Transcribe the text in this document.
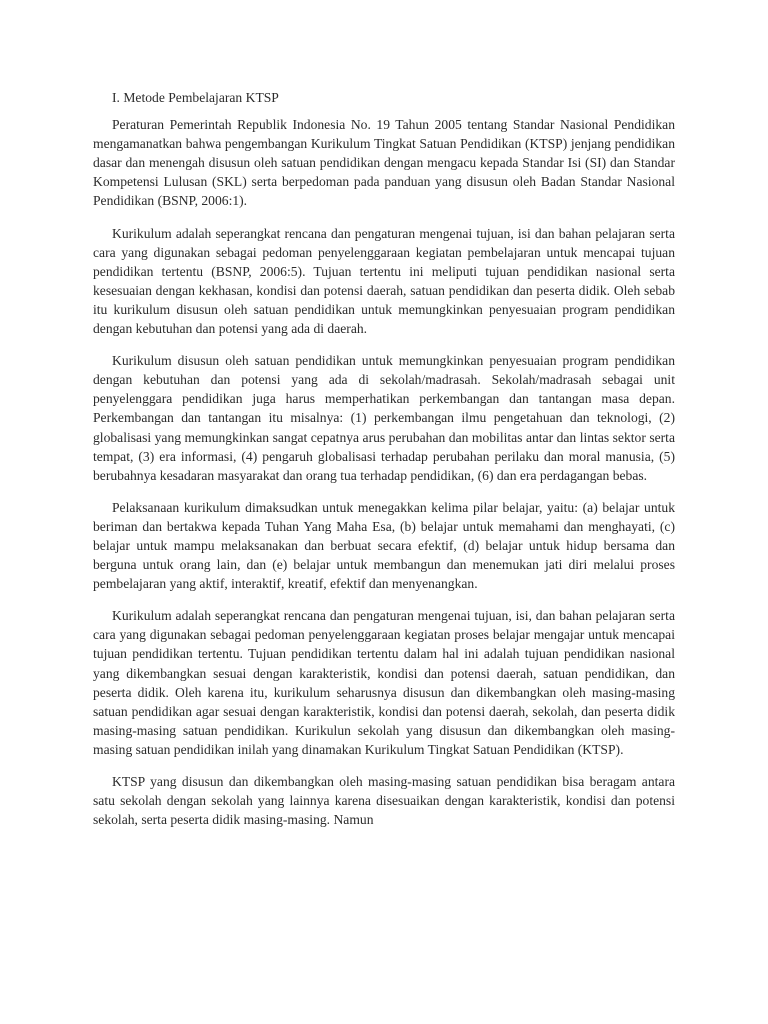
I. Metode Pembelajaran KTSP

Peraturan Pemerintah Republik Indonesia No. 19 Tahun 2005 tentang Standar Nasional Pendidikan mengamanatkan bahwa pengembangan Kurikulum Tingkat Satuan Pendidikan (KTSP) jenjang pendidikan dasar dan menengah disusun oleh satuan pendidikan dengan mengacu kepada Standar Isi (SI) dan Standar Kompetensi Lulusan (SKL) serta berpedoman pada panduan yang disusun oleh Badan Standar Nasional Pendidikan (BSNP, 2006:1).

Kurikulum adalah seperangkat rencana dan pengaturan mengenai tujuan, isi dan bahan pelajaran serta cara yang digunakan sebagai pedoman penyelenggaraan kegiatan pembelajaran untuk mencapai tujuan pendidikan tertentu (BSNP, 2006:5). Tujuan tertentu ini meliputi tujuan pendidikan nasional serta kesesuaian dengan kekhasan, kondisi dan potensi daerah, satuan pendidikan dan peserta didik. Oleh sebab itu kurikulum disusun oleh satuan pendidikan untuk memungkinkan penyesuaian program pendidikan dengan kebutuhan dan potensi yang ada di daerah.

Kurikulum disusun oleh satuan pendidikan untuk memungkinkan penyesuaian program pendidikan dengan kebutuhan dan potensi yang ada di sekolah/madrasah. Sekolah/madrasah sebagai unit penyelenggara pendidikan juga harus memperhatikan perkembangan dan tantangan masa depan. Perkembangan dan tantangan itu misalnya: (1) perkembangan ilmu pengetahuan dan teknologi, (2) globalisasi yang memungkinkan sangat cepatnya arus perubahan dan mobilitas antar dan lintas sektor serta tempat, (3) era informasi, (4) pengaruh globalisasi terhadap perubahan perilaku dan moral manusia, (5) berubahnya kesadaran masyarakat dan orang tua terhadap pendidikan, (6) dan era perdagangan bebas.

Pelaksanaan kurikulum dimaksudkan untuk menegakkan kelima pilar belajar, yaitu: (a) belajar untuk beriman dan bertakwa kepada Tuhan Yang Maha Esa, (b) belajar untuk memahami dan menghayati, (c) belajar untuk mampu melaksanakan dan berbuat secara efektif, (d) belajar untuk hidup bersama dan berguna untuk orang lain, dan (e) belajar untuk membangun dan menemukan jati diri melalui proses pembelajaran yang aktif, interaktif, kreatif, efektif dan menyenangkan.

Kurikulum adalah seperangkat rencana dan pengaturan mengenai tujuan, isi, dan bahan pelajaran serta cara yang digunakan sebagai pedoman penyelenggaraan kegiatan proses belajar mengajar untuk mencapai tujuan pendidikan tertentu. Tujuan pendidikan tertentu dalam hal ini adalah tujuan pendidikan nasional yang dikembangkan sesuai dengan karakteristik, kondisi dan potensi daerah, satuan pendidikan, dan peserta didik. Oleh karena itu, kurikulum seharusnya disusun dan dikembangkan oleh masing-masing satuan pendidikan agar sesuai dengan karakteristik, kondisi dan potensi daerah, sekolah, dan peserta didik masing-masing satuan pendidikan. Kurikulun sekolah yang disusun dan dikembangkan oleh masing-masing satuan pendidikan inilah yang dinamakan Kurikulum Tingkat Satuan Pendidikan (KTSP).

KTSP yang disusun dan dikembangkan oleh masing-masing satuan pendidikan bisa beragam antara satu sekolah dengan sekolah yang lainnya karena disesuaikan dengan karakteristik, kondisi dan potensi sekolah, serta peserta didik masing-masing. Namun
